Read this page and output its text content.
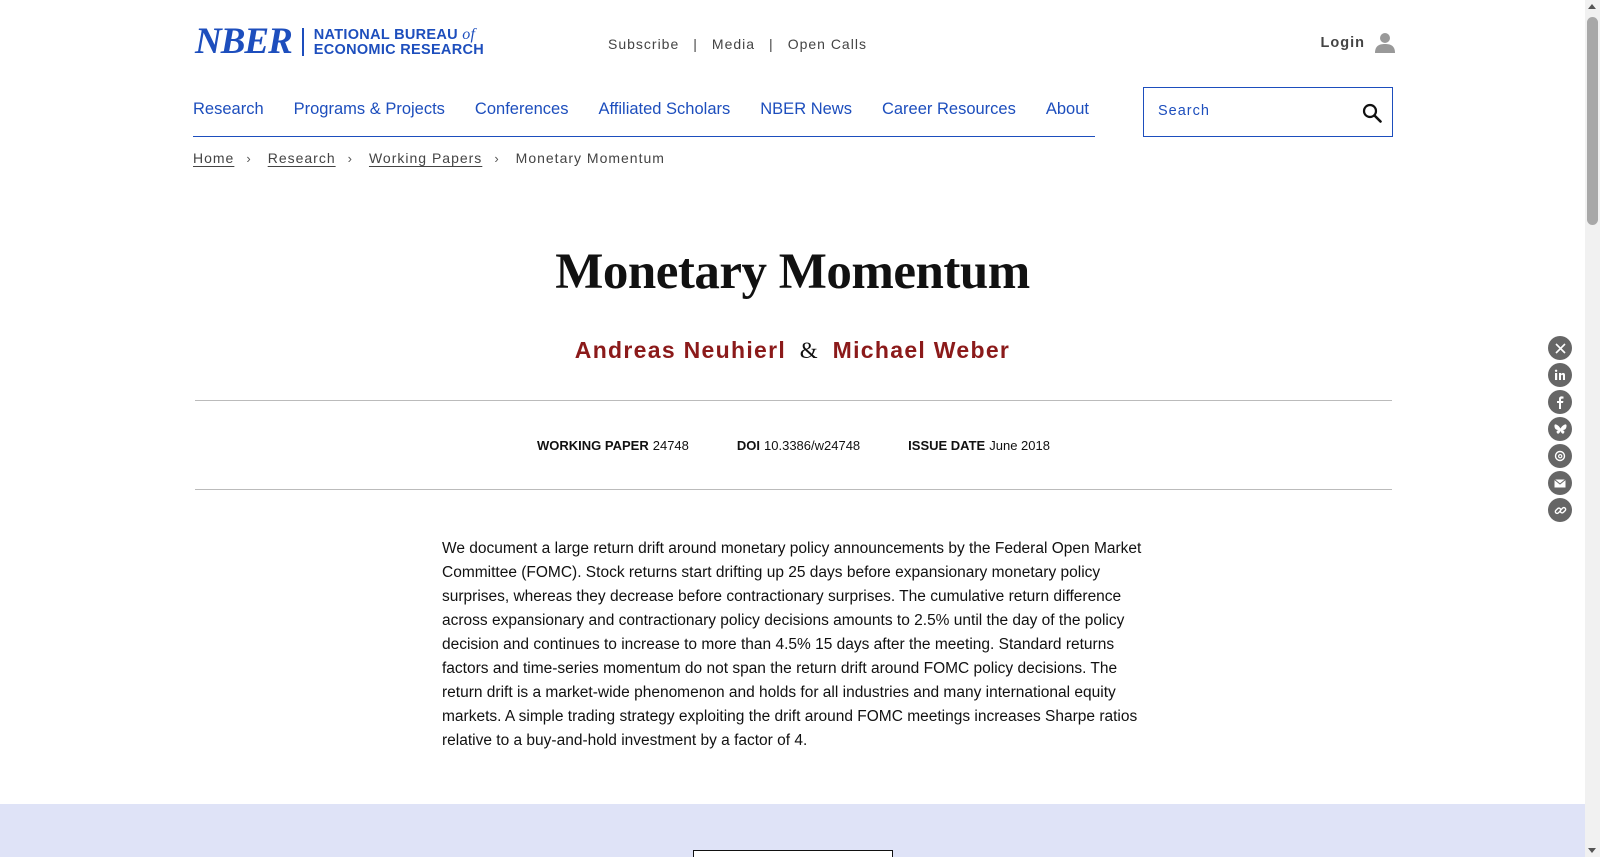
NBER NATIONAL BUREAU of
ECONOMIC RESEARCH	Subscribe | Media | Open Calls	Login
Research Programs & Projects Conferences Affiliated Scholars NBER News Career Resources About
Search
Home › Research › Working Papers › Monetary Momentum
Monetary Momentum
Andreas Neuhierl & Michael Weber
WORKING PAPER 24748	DOI 10.3386/w24748	ISSUE DATE June 2018

We document a large return drift around monetary policy announcements by the Federal Open Market Committee (FOMC). Stock returns start drifting up 25 days before expansionary monetary policy surprises, whereas they decrease before contractionary surprises. The cumulative return difference across expansionary and contractionary policy decisions amounts to 2.5% until the day of the policy decision and continues to increase to more than 4.5% 15 days after the meeting. Standard returns factors and time-series momentum do not span the return drift around FOMC policy decisions. The return drift is a market-wide phenomenon and holds for all industries and many international equity markets. A simple trading strategy exploiting the drift around FOMC meetings increases Sharpe ratios relative to a buy-and-hold investment by a factor of 4.
